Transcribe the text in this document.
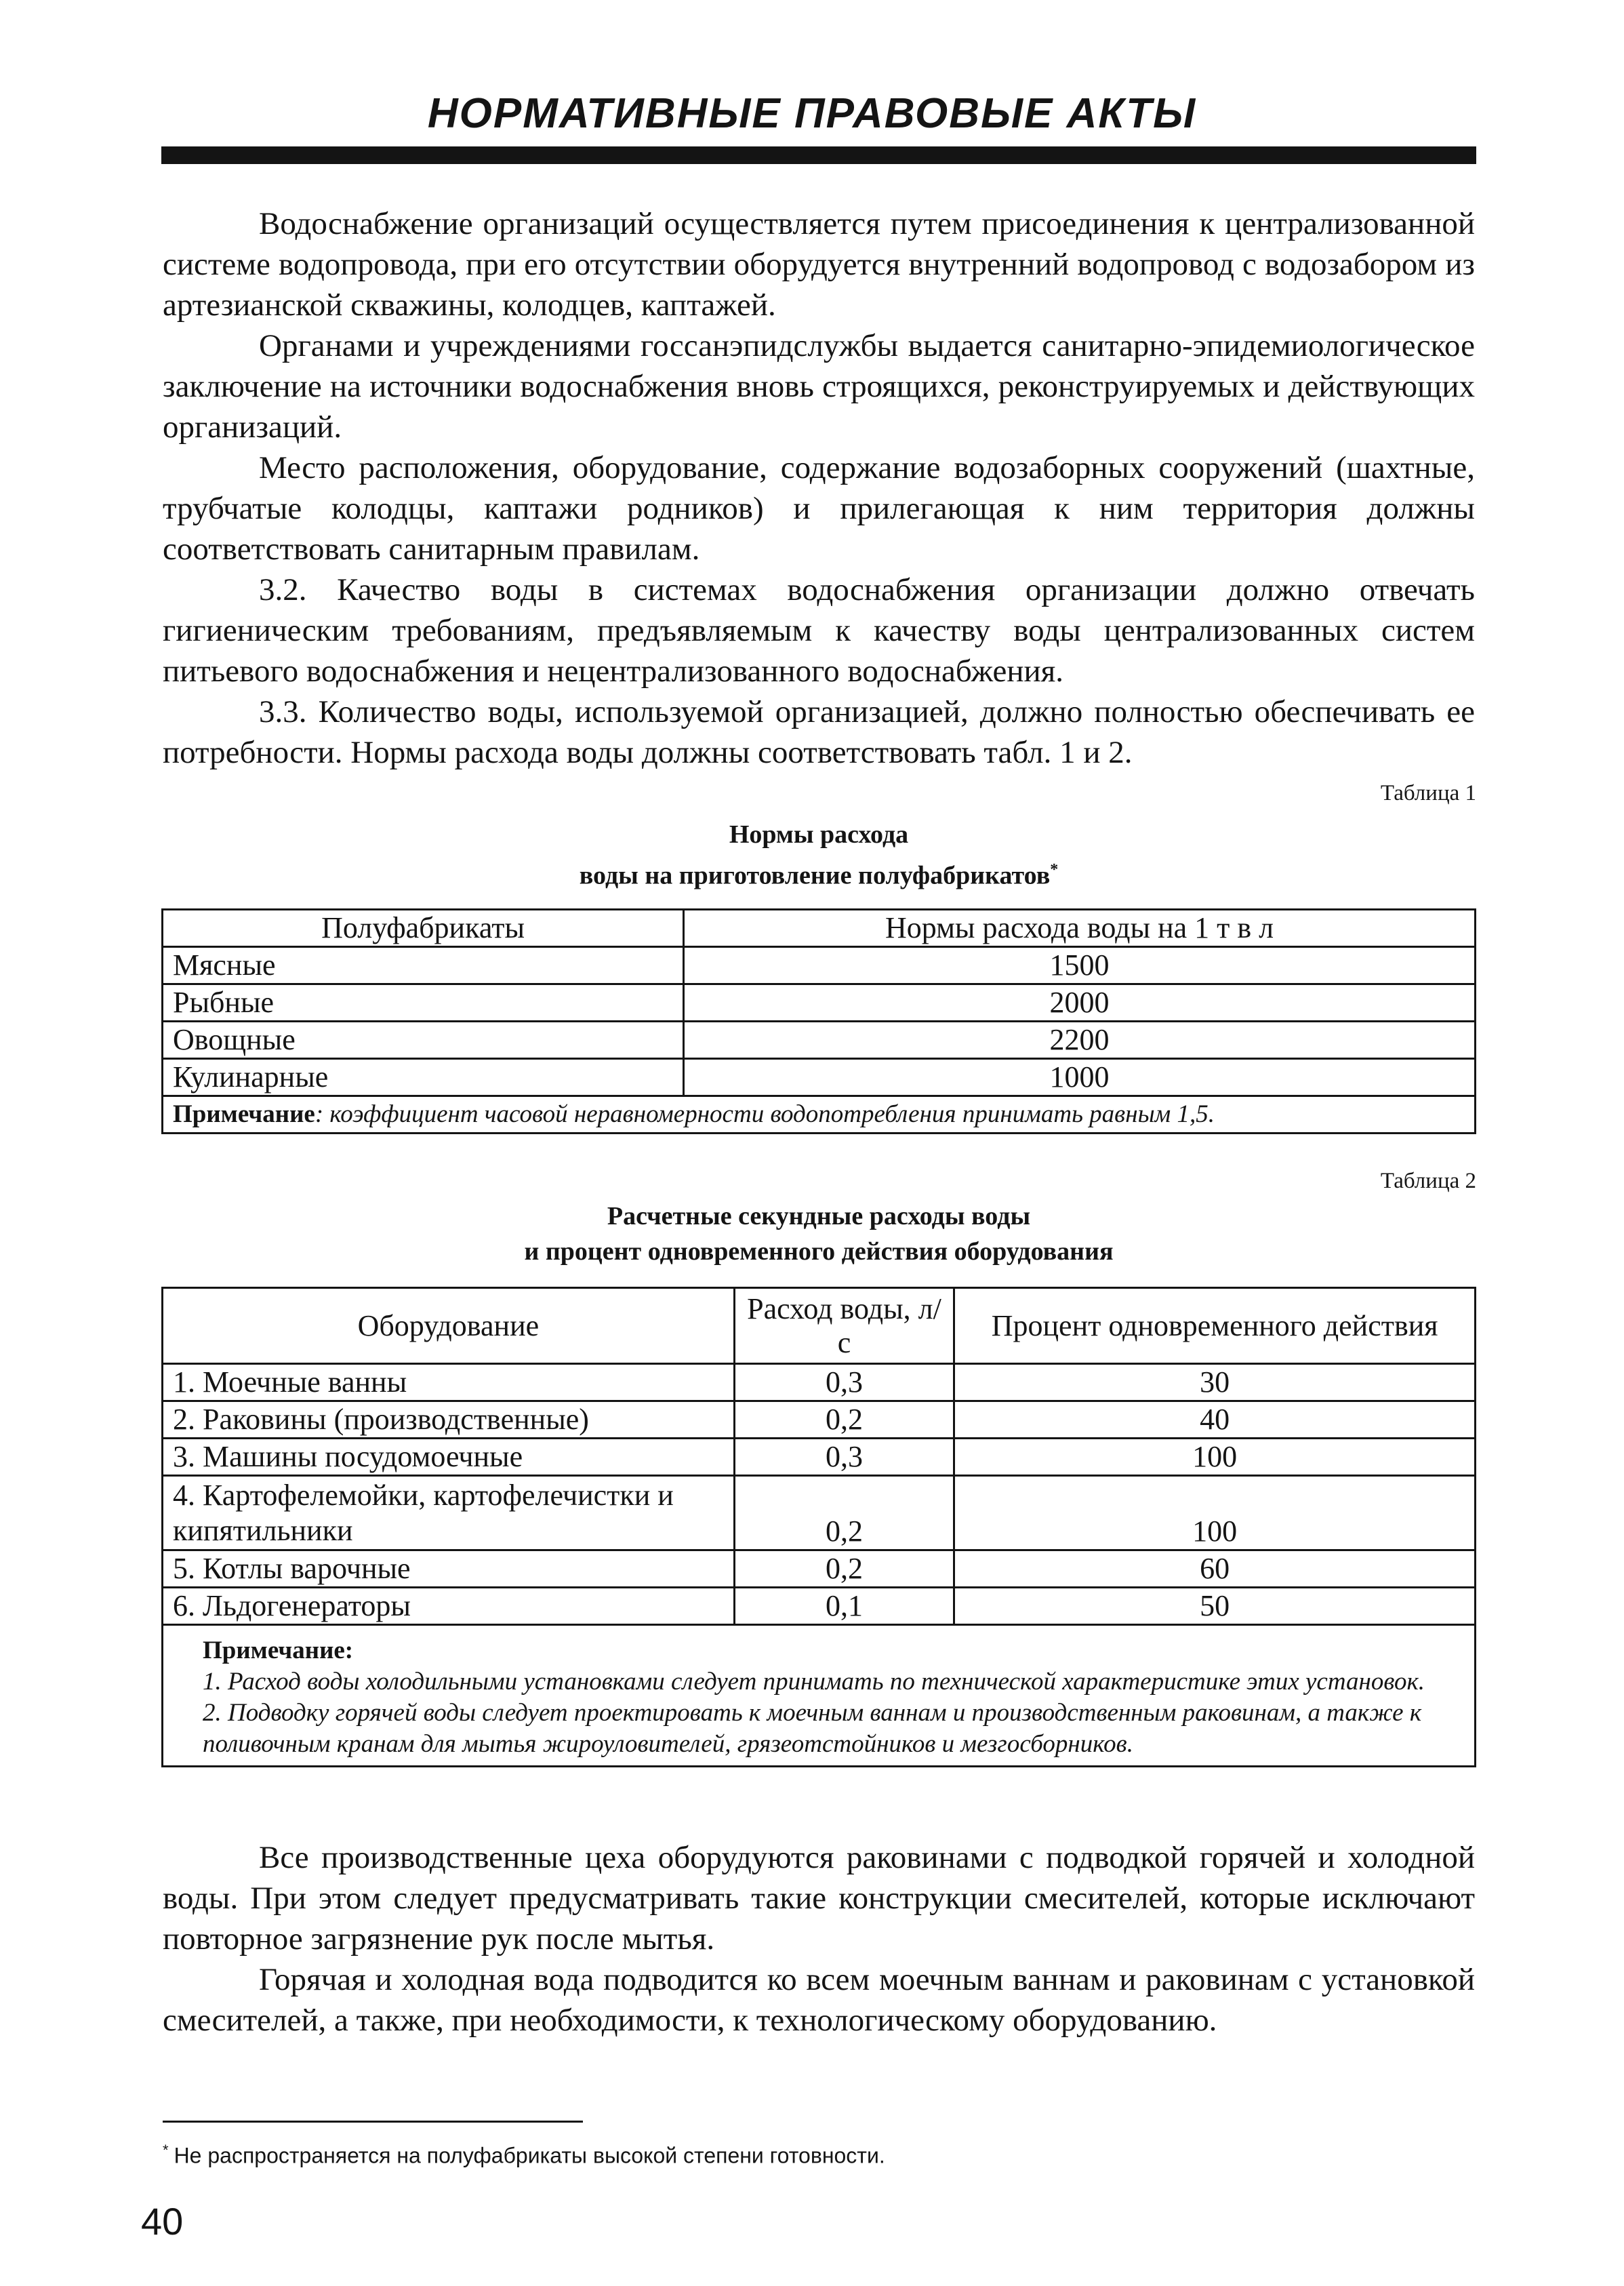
НОРМАТИВНЫЕ ПРАВОВЫЕ АКТЫ

Водоснабжение организаций осуществляется путем присоединения к централизованной системе водопровода, при его отсутствии оборудуется внутренний водопровод с водозабором из артезианской скважины, колодцев, каптажей.

Органами и учреждениями госсанэпидслужбы выдается санитарно-эпидемиологическое заключение на источники водоснабжения вновь строящихся, реконструируемых и действующих организаций.

Место расположения, оборудование, содержание водозаборных сооружений (шахтные, трубчатые колодцы, каптажи родников) и прилегающая к ним территория должны соответствовать санитарным правилам.

3.2. Качество воды в системах водоснабжения организации должно отвечать гигиеническим требованиям, предъявляемым к качеству воды централизованных систем питьевого водоснабжения и нецентрализованного водоснабжения.

3.3. Количество воды, используемой организацией, должно полностью обеспечивать ее потребности. Нормы расхода воды должны соответствовать табл. 1 и 2.

Таблица 1

Нормы расхода
воды на приготовление полуфабрикатов*

Полуфабрикаты	Нормы расхода воды на 1 т в л
Мясные	1500
Рыбные	2000
Овощные	2200
Кулинарные	1000
Примечание: коэффициент часовой неравномерности водопотребления принимать равным 1,5.	

Таблица 2

Расчетные секундные расходы воды
и процент одновременного действия оборудования

Оборудование	Расход воды, л/с	Процент одновременного действия
1. Моечные ванны	0,3	30
2. Раковины (производственные)	0,2	40
3. Машины посудомоечные	0,3	100
4. Картофелемойки, картофелечистки и кипятильники	0,2	100
5. Котлы варочные	0,2	60
6. Льдогенераторы	0,1	50

Примечание:

1. Расход воды холодильными установками следует принимать по технической характеристике этих установок.

2. Подводку горячей воды следует проектировать к моечным ваннам и производственным раковинам, а также к поливочным кранам для мытья жироуловителей, грязеотстойников и мезгосборников.		

Все производственные цеха оборудуются раковинами с подводкой горячей и холодной воды. При этом следует предусматривать такие конструкции смесителей, которые исключают повторное загрязнение рук после мытья.

Горячая и холодная вода подводится ко всем моечным ваннам и раковинам с установкой смесителей, а также, при необходимости, к технологическому оборудованию.

* Не распространяется на полуфабрикаты высокой степени готовности.

40
